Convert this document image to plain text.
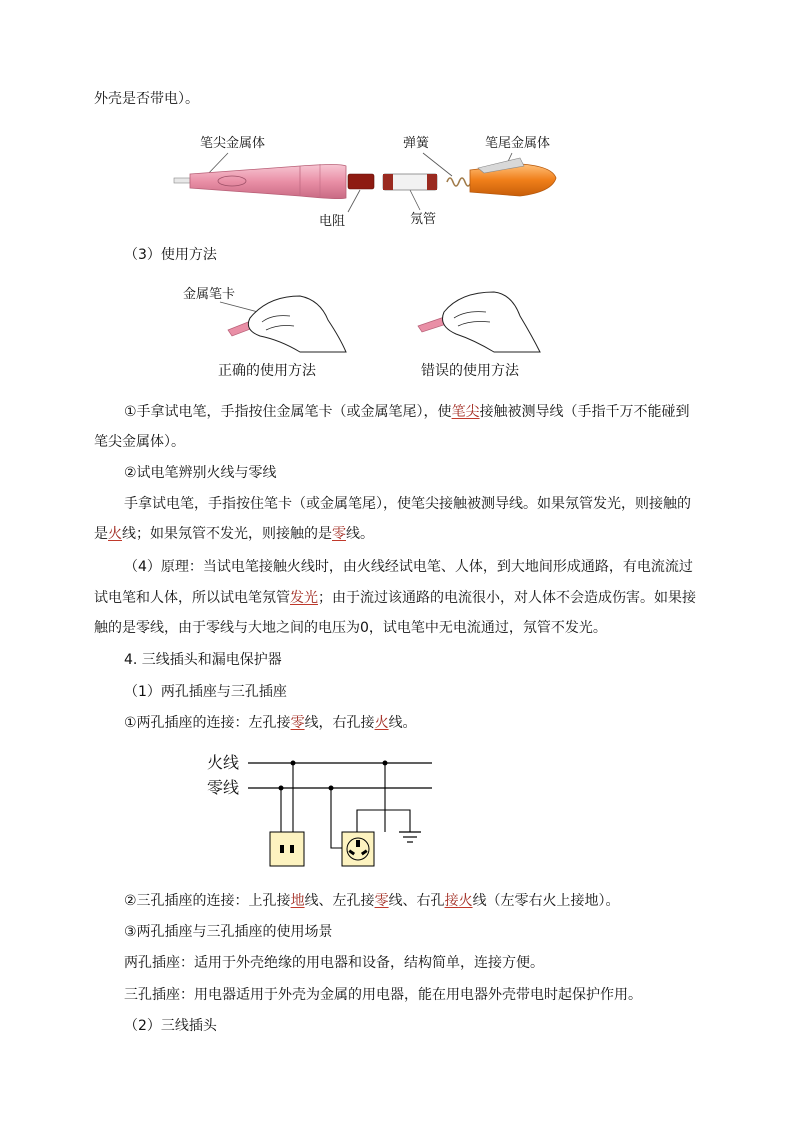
外壳是否带电）。
笔尖金属体	弹簧	笔尾金属体
电阻	氖管
（3）使用方法
金属笔卡
正确的使用方法	错误的使用方法
①手拿试电笔，手指按住金属笔卡（或金属笔尾），使笔尖接触被测导线（手指千万不能碰到
笔尖金属体）。
②试电笔辨别火线与零线
手拿试电笔，手指按住笔卡（或金属笔尾），使笔尖接触被测导线。如果氖管发光，则接触的
是火线；如果氖管不发光，则接触的是零线。
（4）原理：当试电笔接触火线时，由火线经试电笔、人体，到大地间形成通路，有电流流过
试电笔和人体，所以试电笔氖管发光；由于流过该通路的电流很小，对人体不会造成伤害。如果接
触的是零线，由于零线与大地之间的电压为0，试电笔中无电流通过，氖管不发光。
4. 三线插头和漏电保护器
（1）两孔插座与三孔插座
①两孔插座的连接：左孔接零线，右孔接火线。
火线
零线
②三孔插座的连接：上孔接地线、左孔接零线、右孔接火线（左零右火上接地）。
③两孔插座与三孔插座的使用场景
两孔插座：适用于外壳绝缘的用电器和设备，结构简单，连接方便。
三孔插座：用电器适用于外壳为金属的用电器，能在用电器外壳带电时起保护作用。
（2）三线插头
